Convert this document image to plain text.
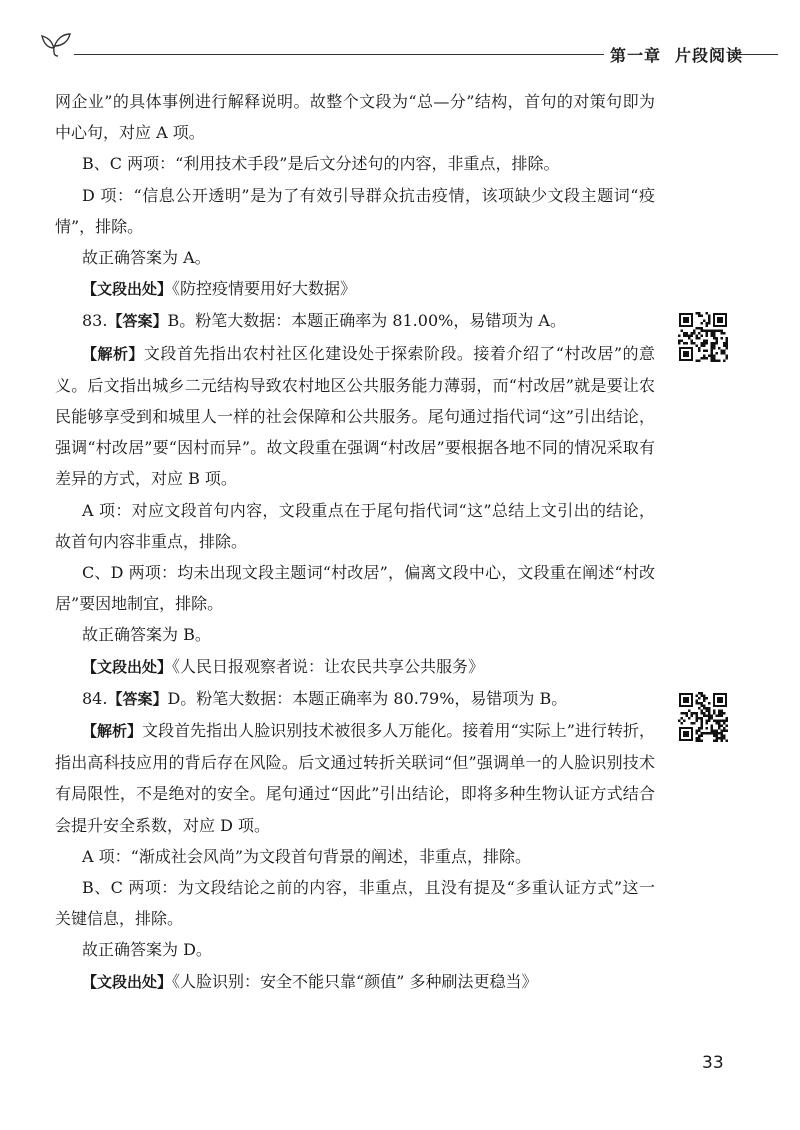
第一章 片段阅读

网企业”的具体事例进行解释说明。故整个文段为“总—分”结构，首句的对策句即为中心句，对应 A 项。

B、C 两项：“利用技术手段”是后文分述句的内容，非重点，排除。

D 项：“信息公开透明”是为了有效引导群众抗击疫情，该项缺少文段主题词“疫情”，排除。

故正确答案为 A。

【文段出处】《防控疫情要用好大数据》

83.【答案】B。粉笔大数据：本题正确率为 81.00%，易错项为 A。

【解析】文段首先指出农村社区化建设处于探索阶段。接着介绍了“村改居”的意义。后文指出城乡二元结构导致农村地区公共服务能力薄弱，而“村改居”就是要让农民能够享受到和城里人一样的社会保障和公共服务。尾句通过指代词“这”引出结论，强调“村改居”要“因村而异”。故文段重在强调“村改居”要根据各地不同的情况采取有差异的方式，对应 B 项。

A 项：对应文段首句内容，文段重点在于尾句指代词“这”总结上文引出的结论，故首句内容非重点，排除。

C、D 两项：均未出现文段主题词“村改居”，偏离文段中心，文段重在阐述“村改居”要因地制宜，排除。

故正确答案为 B。

【文段出处】《人民日报观察者说：让农民共享公共服务》

84.【答案】D。粉笔大数据：本题正确率为 80.79%，易错项为 B。

【解析】文段首先指出人脸识别技术被很多人万能化。接着用“实际上”进行转折，指出高科技应用的背后存在风险。后文通过转折关联词“但”强调单一的人脸识别技术有局限性，不是绝对的安全。尾句通过“因此”引出结论，即将多种生物认证方式结合会提升安全系数，对应 D 项。

A 项：“渐成社会风尚”为文段首句背景的阐述，非重点，排除。

B、C 两项：为文段结论之前的内容，非重点，且没有提及“多重认证方式”这一关键信息，排除。

故正确答案为 D。

【文段出处】《人脸识别：安全不能只靠“颜值” 多种刷法更稳当》

33
